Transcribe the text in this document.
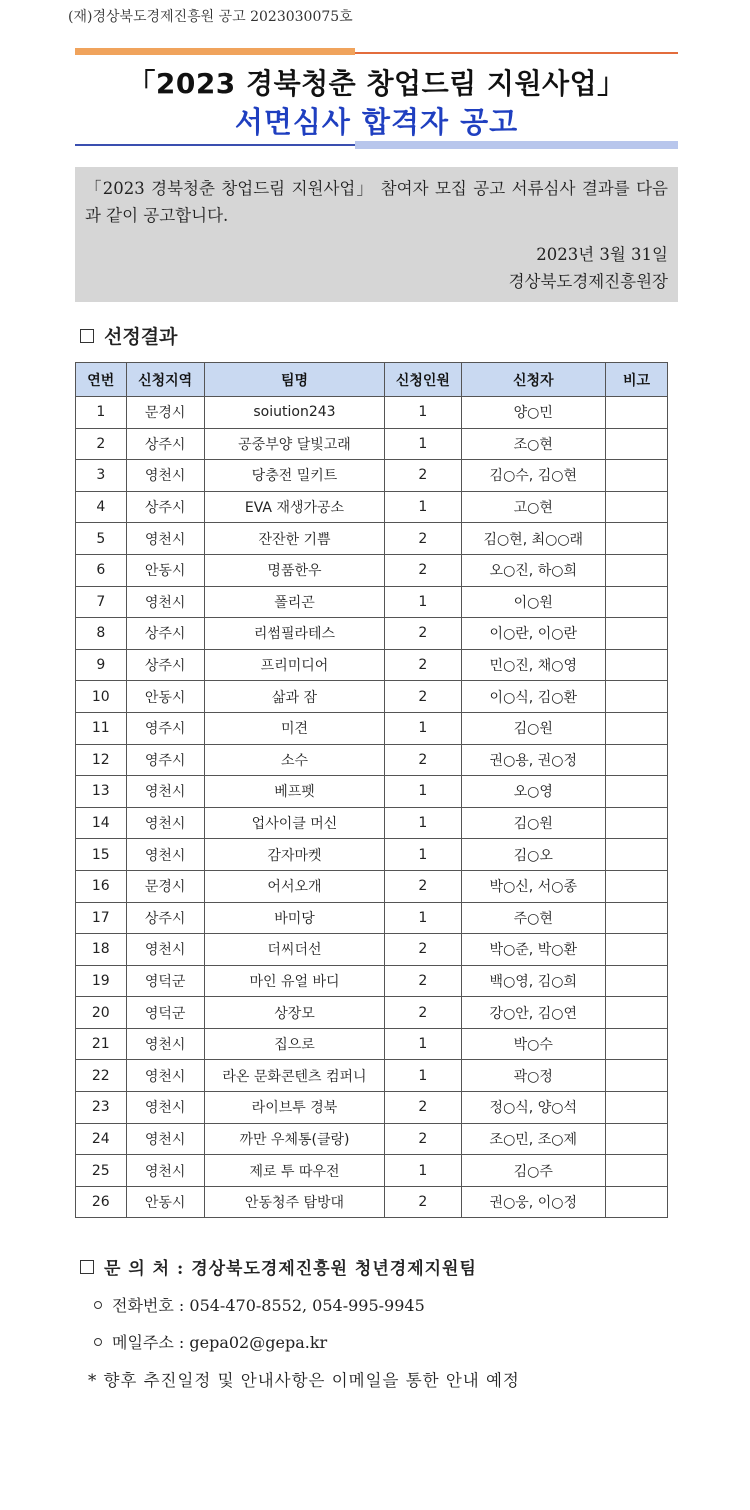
(재)경상북도경제진흥원 공고 2023030075호
「2023 경북청춘 창업드림 지원사업」
서면심사 합격자 공고
「2023 경북청춘 창업드림 지원사업」 참여자 모집 공고 서류심사 결과를 다음과 같이 공고합니다.
2023년 3월 31일
경상북도경제진흥원장
선정결과
연번	신청지역	팀명	신청인원	신청자	비고
1	문경시	soiution243	1	양○민	
2	상주시	공중부양 달빛고래	1	조○현	
3	영천시	당충전 밀키트	2	김○수, 김○현	
4	상주시	EVA 재생가공소	1	고○현	
5	영천시	잔잔한 기쁨	2	김○현, 최○○래	
6	안동시	명품한우	2	오○진, 하○희	
7	영천시	폴리곤	1	이○원	
8	상주시	리썸필라테스	2	이○란, 이○란	
9	상주시	프리미디어	2	민○진, 채○영	
10	안동시	삶과 잠	2	이○식, 김○환	
11	영주시	미견	1	김○원	
12	영주시	소수	2	권○용, 권○정	
13	영천시	베프펫	1	오○영	
14	영천시	업사이클 머신	1	김○원	
15	영천시	감자마켓	1	김○오	
16	문경시	어서오개	2	박○신, 서○종	
17	상주시	바미당	1	주○현	
18	영천시	더씨더선	2	박○준, 박○환	
19	영덕군	마인 유얼 바디	2	백○영, 김○희	
20	영덕군	상장모	2	강○안, 김○연	
21	영천시	집으로	1	박○수	
22	영천시	라온 문화콘텐츠 컴퍼니	1	곽○정	
23	영천시	라이브투 경북	2	정○식, 양○석	
24	영천시	까만 우체통(클랑)	2	조○민, 조○제	
25	영천시	제로 투 따우전	1	김○주	
26	안동시	안동청주 탐방대	2	권○웅, 이○정	
문 의 처 : 경상북도경제진흥원 청년경제지원팀
전화번호 : 054-470-8552, 054-995-9945
메일주소 : gepa02@gepa.kr
* 향후 추진일정 및 안내사항은 이메일을 통한 안내 예정
